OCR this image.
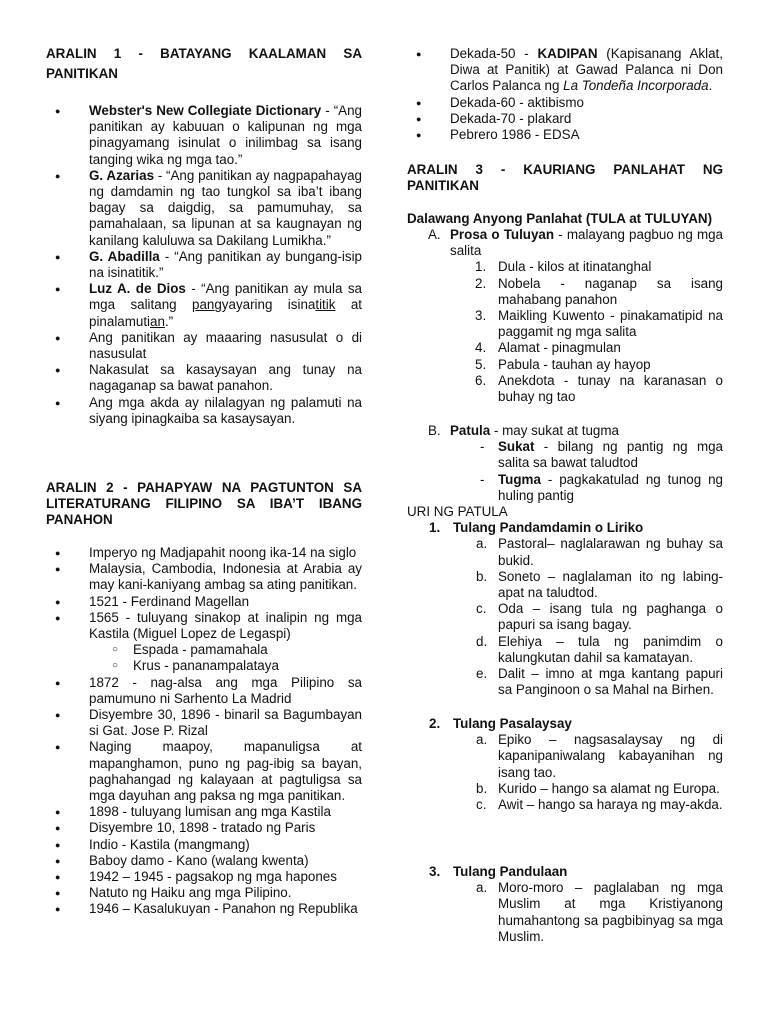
ARALIN 1 - BATAYANG KAALAMAN SA

PANITIKAN

● Webster's New Collegiate Dictionary - “Ang panitikan ay kabuuan o kalipunan ng mga pinagyamang isinulat o inilimbag sa isang tanging wika ng mga tao.”
● G. Azarias - “Ang panitikan ay nagpapahayag ng damdamin ng tao tungkol sa iba’t ibang bagay sa daigdig, sa pamumuhay, sa pamahalaan, sa lipunan at sa kaugnayan ng kanilang kaluluwa sa Dakilang Lumikha.”
● G. Abadilla - “Ang panitikan ay bungang-isip na isinatitik.”
● Luz A. de Dios - “Ang panitikan ay mula sa mga salitang pangyayaring isinatitik at pinalamutian.”
● Ang panitikan ay maaaring nasusulat o di nasusulat
● Nakasulat sa kasaysayan ang tunay na nagaganap sa bawat panahon.
● Ang mga akda ay nilalagyan ng palamuti na siyang ipinagkaiba sa kasaysayan.

ARALIN 2 - PAHAPYAW NA PAGTUNTON SA

LITERATURANG FILIPINO SA IBA’T IBANG

PANAHON

● Imperyo ng Madjapahit noong ika-14 na siglo
● Malaysia, Cambodia, Indonesia at Arabia ay may kani-kaniyang ambag sa ating panitikan.
● 1521 - Ferdinand Magellan
● 1565 - tuluyang sinakop at inalipin ng mga Kastila (Miguel Lopez de Legaspi)
○ Espada - pamamahala
○ Krus - pananampalataya
● 1872 - nag-alsa ang mga Pilipino sa pamumuno ni Sarhento La Madrid
● Disyembre 30, 1896 - binaril sa Bagumbayan si Gat. Jose P. Rizal
● Naging maapoy, mapanuligsa at mapanghamon, puno ng pag-ibig sa bayan, paghahangad ng kalayaan at pagtuligsa sa mga dayuhan ang paksa ng mga panitikan.
● 1898 - tuluyang lumisan ang mga Kastila
● Disyembre 10, 1898 - tratado ng Paris
● Indio - Kastila (mangmang)
● Baboy damo - Kano (walang kwenta)
● 1942 – 1945 - pagsakop ng mga hapones
● Natuto ng Haiku ang mga Pilipino.
● 1946 – Kasalukuyan - Panahon ng Republika
● Dekada-50 - KADIPAN (Kapisanang Aklat, Diwa at Panitik) at Gawad Palanca ni Don Carlos Palanca ng La Tondeña Incorporada.
● Dekada-60 - aktibismo
● Dekada-70 - plakard
● Pebrero 1986 - EDSA

ARALIN 3 - KAURIANG PANLAHAT NG

PANITIKAN

Dalawang Anyong Panlahat (TULA at TULUYAN)

A. Prosa o Tuluyan - malayang pagbuo ng mga salita
1. Dula - kilos at itinatanghal
2. Nobela - naganap sa isang mahabang panahon
3. Maikling Kuwento - pinakamatipid na paggamit ng mga salita
4. Alamat - pinagmulan
5. Pabula - tauhan ay hayop
6. Anekdota - tunay na karanasan o buhay ng tao
B. Patula - may sukat at tugma
- Sukat - bilang ng pantig ng mga salita sa bawat taludtod
- Tugma - pagkakatulad ng tunog ng huling pantig

URI NG PATULA

1. Tulang Pandamdamin o Liriko
a. Pastoral– naglalarawan ng buhay sa bukid.
b. Soneto – naglalaman ito ng labing-apat na taludtod.
c. Oda – isang tula ng paghanga o papuri sa isang bagay.
d. Elehiya – tula ng panimdim o kalungkutan dahil sa kamatayan.
e. Dalit – imno at mga kantang papuri sa Panginoon o sa Mahal na Birhen.
2. Tulang Pasalaysay
a. Epiko – nagsasalaysay ng di kapanipaniwalang kabayanihan ng isang tao.
b. Kurido – hango sa alamat ng Europa.
c. Awit – hango sa haraya ng may-akda.
3. Tulang Pandulaan
a. Moro-moro – paglalaban ng mga Muslim at mga Kristiyanong humahantong sa pagbibinyag sa mga Muslim.
